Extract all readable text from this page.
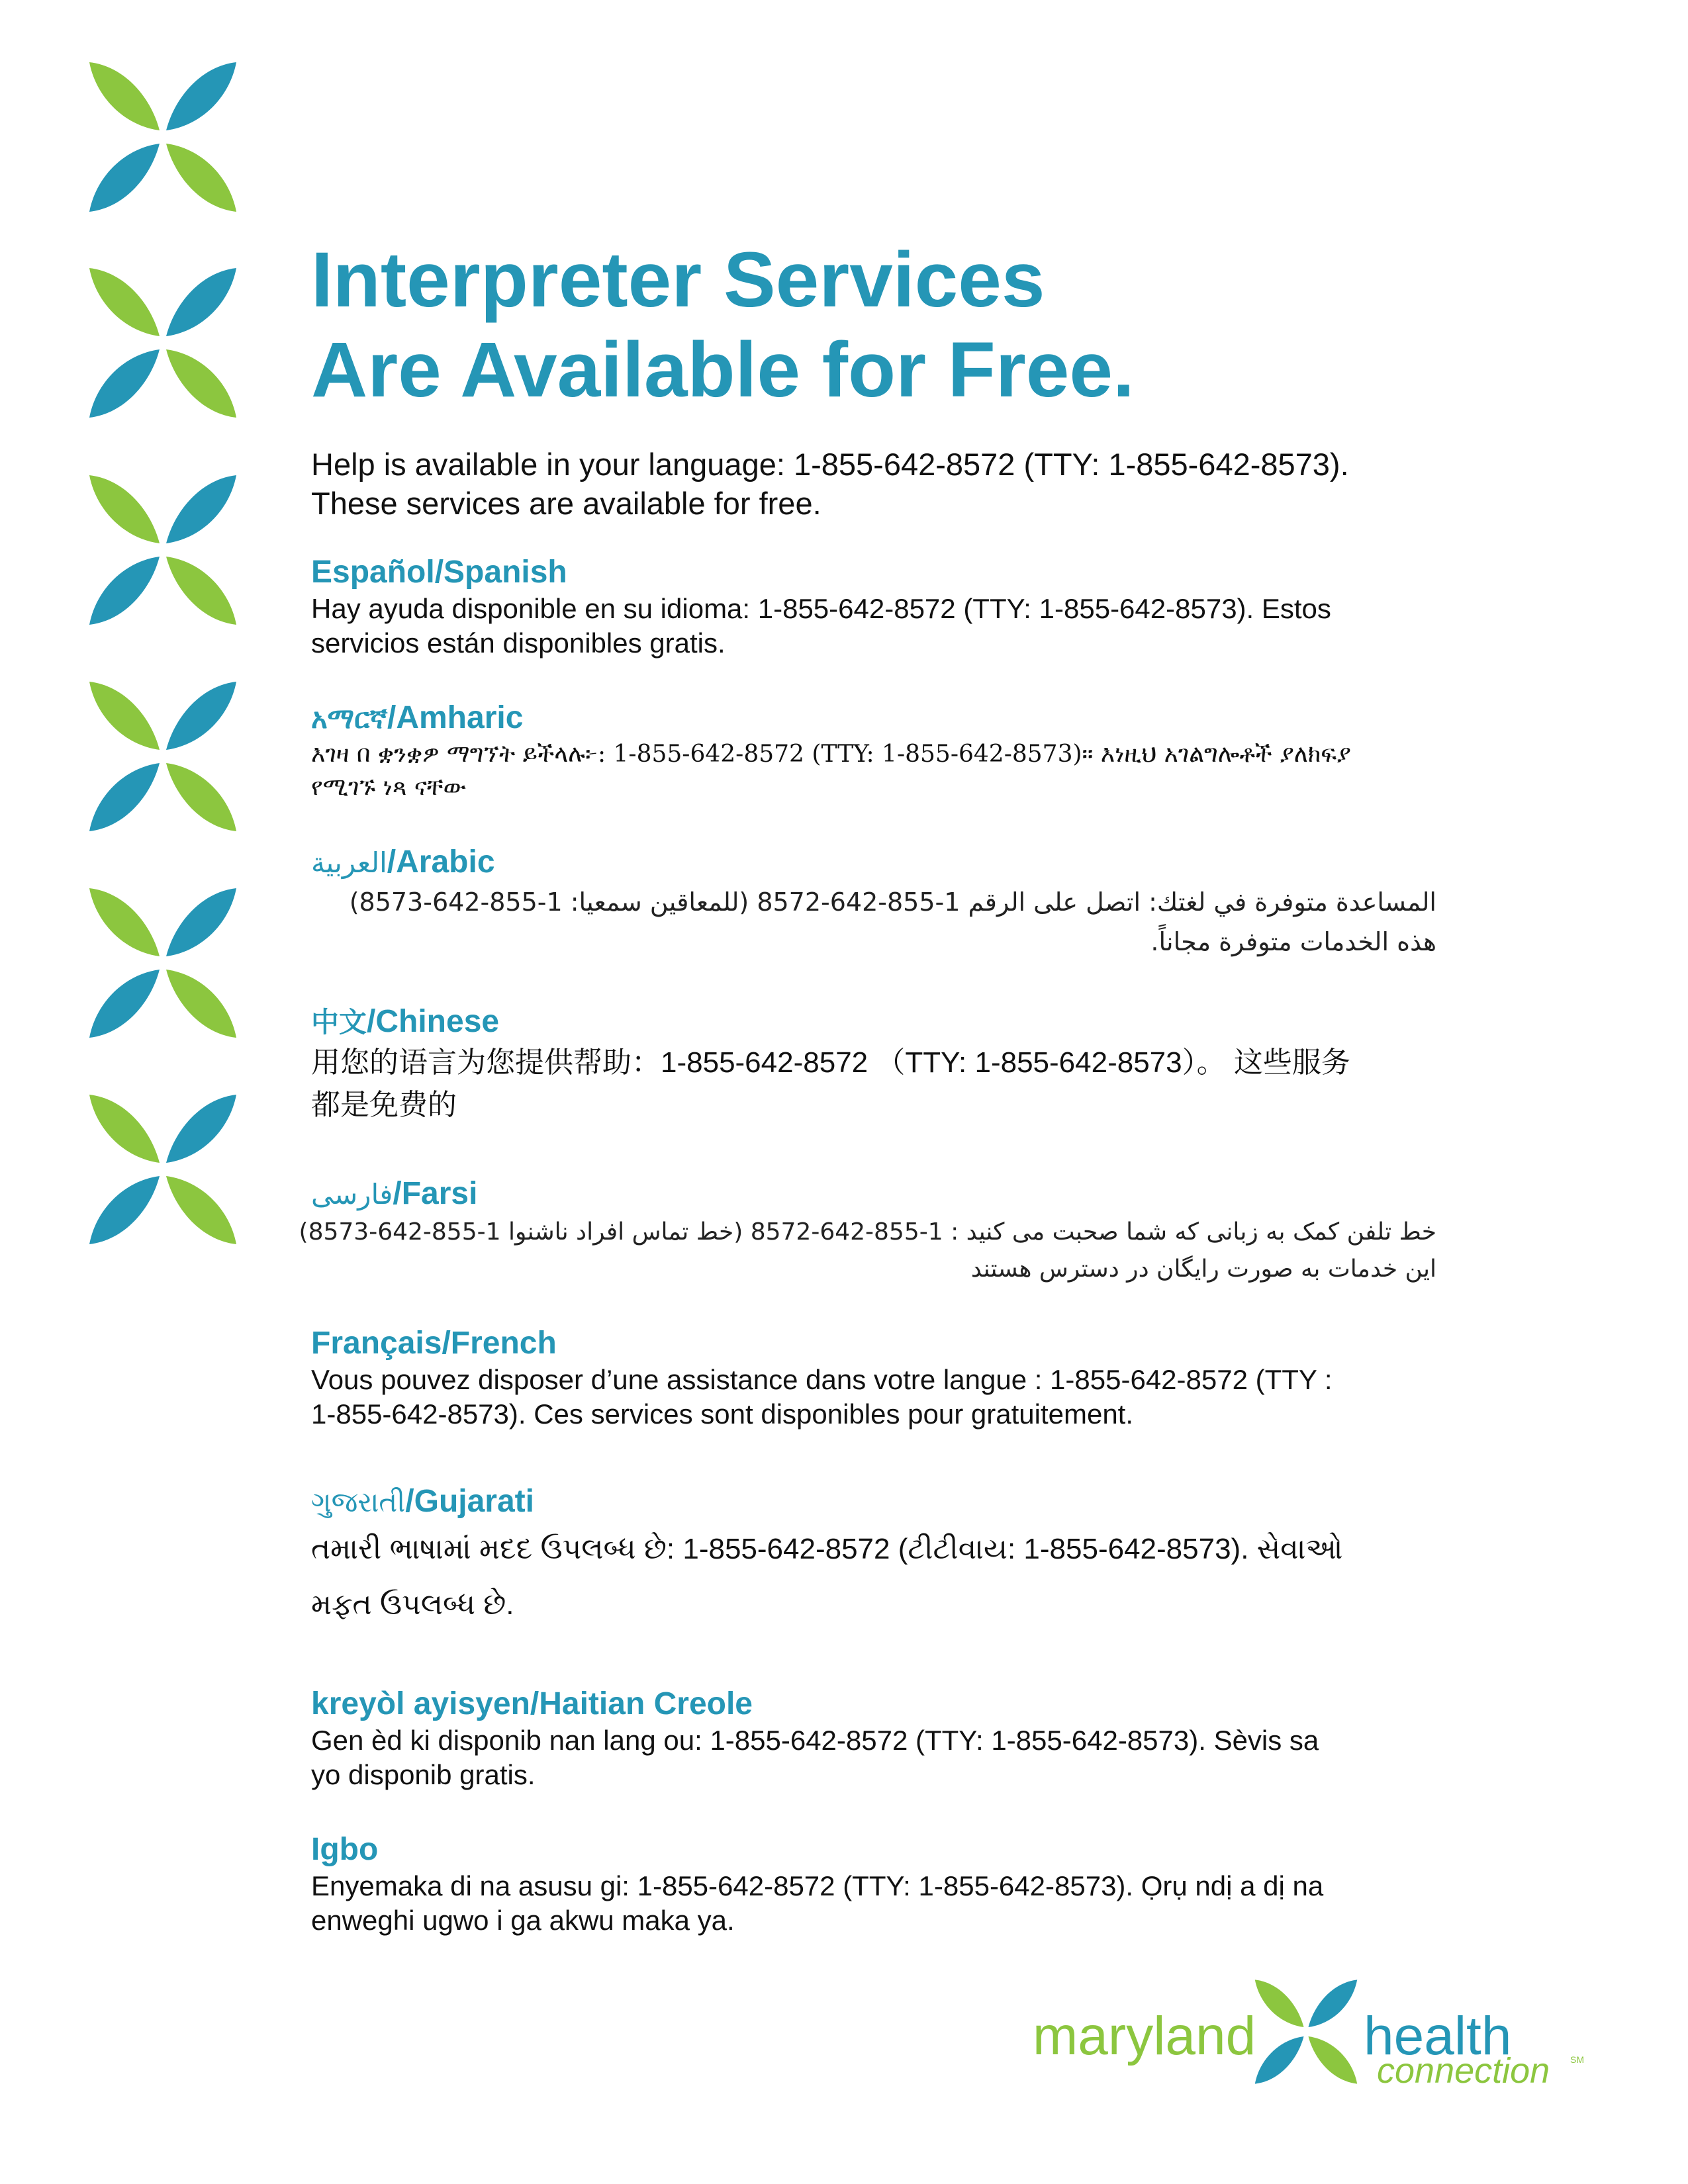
Interpreter Services
Are Available for Free.
Help is available in your language: 1-855-642-8572 (TTY: 1-855-642-8573).
These services are available for free.
Español/Spanish
Hay ayuda disponible en su idioma: 1-855-642-8572 (TTY: 1-855-642-8573). Estos
servicios están disponibles gratis.
አማርኛ/Amharic
እገዛ በ ቋንቋዎ ማግኘት ይችላሉ፦: 1-855-642-8572 (TTY: 1-855-642-8573)። እነዚህ አገልግሎቶች ያለክፍያ
የሚገኙ ነጻ ናቸው
العربية/Arabic
المساعدة متوفرة في لغتك: اتصل على الرقم 1-855-642-8572 (للمعاقين سمعيا: 1-855-642-8573)
هذه الخدمات متوفرة مجاناً.
中文/Chinese
用您的语言为您提供帮助：1-855-642-8572 （TTY: 1-855-642-8573）。 这些服务
都是免费的
فارسی/Farsi
خط تلفن کمک به زبانی که شما صحبت می کنید : 1-855-642-8572 (خط تماس افراد ناشنوا 1-855-642-8573)
این خدمات به صورت رایگان در دسترس هستند
Français/French
Vous pouvez disposer d’une assistance dans votre langue : 1-855-642-8572 (TTY :
1-855-642-8573). Ces services sont disponibles pour gratuitement.
ગુજરાતી/Gujarati
તમારી ભાષામાં મદદ ઉપલબ્ધ છે: 1-855-642-8572 (ટીટીવાય: 1-855-642-8573). સેવાઓ
મફત ઉપલબ્ધ છે.
kreyòl ayisyen/Haitian Creole
Gen èd ki disponib nan lang ou: 1-855-642-8572 (TTY: 1-855-642-8573). Sèvis sa
yo disponib gratis.
Igbo
Enyemaka di na asusu gi: 1-855-642-8572 (TTY: 1-855-642-8573). Ọrụ ndị a dị na
enweghi ugwo i ga akwu maka ya.
maryland health
connection SM
